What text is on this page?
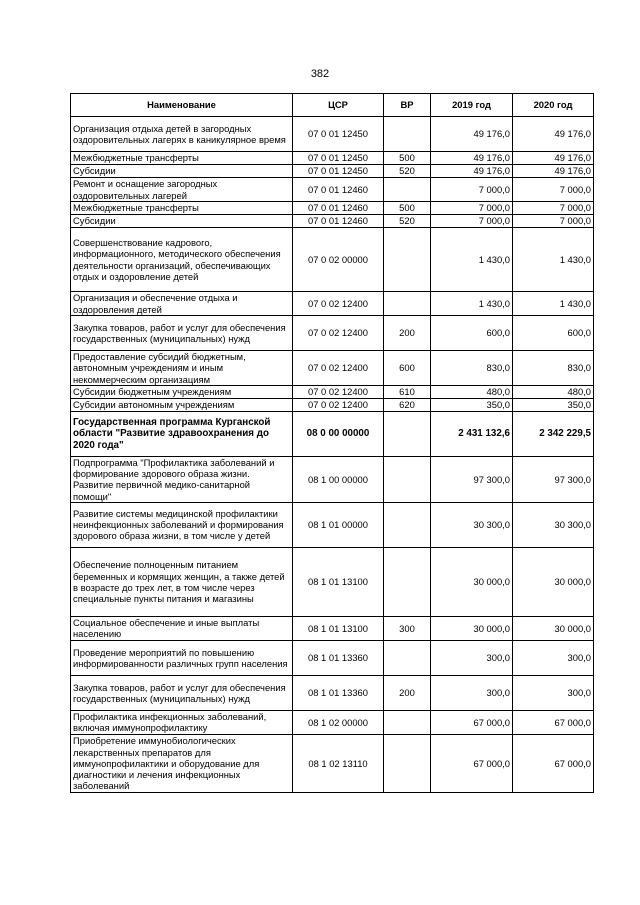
382
Наименование	ЦСР	ВР	2019 год	2020 год
Организация отдыха детей в загородных оздоровительных лагерях в каникулярное время	07 0 01 12450		49 176,0	49 176,0
Межбюджетные трансферты	07 0 01 12450	500	49 176,0	49 176,0
Субсидии	07 0 01 12450	520	49 176,0	49 176,0
Ремонт и оснащение загородных оздоровительных лагерей	07 0 01 12460		7 000,0	7 000,0
Межбюджетные трансферты	07 0 01 12460	500	7 000,0	7 000,0
Субсидии	07 0 01 12460	520	7 000,0	7 000,0
Совершенствование кадрового, информационного, методического обеспечения деятельности организаций, обеспечивающих отдых и оздоровление детей	07 0 02 00000		1 430,0	1 430,0
Организация и обеспечение отдыха и оздоровления детей	07 0 02 12400		1 430,0	1 430,0
Закупка товаров, работ и услуг для обеспечения государственных (муниципальных) нужд	07 0 02 12400	200	600,0	600,0
Предоставление субсидий бюджетным, автономным учреждениям и иным некоммерческим организациям	07 0 02 12400	600	830,0	830,0
Субсидии бюджетным учреждениям	07 0 02 12400	610	480,0	480,0
Субсидии автономным учреждениям	07 0 02 12400	620	350,0	350,0
Государственная программа Курганской области "Развитие здравоохранения до 2020 года"	08 0 00 00000		2 431 132,6	2 342 229,5
Подпрограмма "Профилактика заболеваний и формирование здорового образа жизни. Развитие первичной медико-санитарной помощи"	08 1 00 00000		97 300,0	97 300,0
Развитие системы медицинской профилактики неинфекционных заболеваний и формирования здорового образа жизни, в том числе у детей	08 1 01 00000		30 300,0	30 300,0
Обеспечение полноценным питанием беременных и кормящих женщин, а также детей в возрасте до трех лет, в том числе через специальные пункты питания и магазины	08 1 01 13100		30 000,0	30 000,0
Социальное обеспечение и иные выплаты населению	08 1 01 13100	300	30 000,0	30 000,0
Проведение мероприятий по повышению информированности различных групп населения	08 1 01 13360		300,0	300,0
Закупка товаров, работ и услуг для обеспечения государственных (муниципальных) нужд	08 1 01 13360	200	300,0	300,0
Профилактика инфекционных заболеваний, включая иммунопрофилактику	08 1 02 00000		67 000,0	67 000,0
Приобретение иммунобиологических лекарственных препаратов для иммунопрофилактики и оборудование для диагностики и лечения инфекционных заболеваний	08 1 02 13110		67 000,0	67 000,0
